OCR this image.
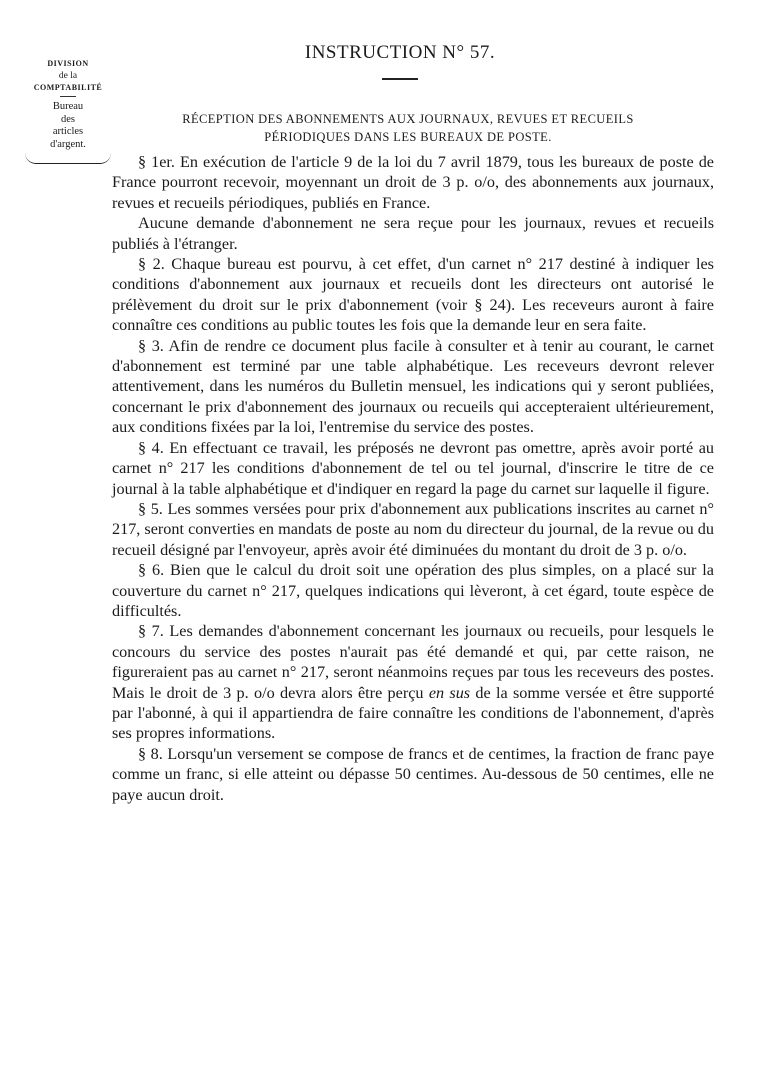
DIVISION
de la
COMPTABILITÉ
Bureau
des
articles
d'argent.
INSTRUCTION N° 57.
RÉCEPTION DES ABONNEMENTS AUX JOURNAUX, REVUES ET RECUEILS
PÉRIODIQUES DANS LES BUREAUX DE POSTE.

§ 1er. En exécution de l'article 9 de la loi du 7 avril 1879, tous les bureaux de poste de France pourront recevoir, moyennant un droit de 3 p. o/o, des abonnements aux journaux, revues et recueils périodiques, publiés en France.

Aucune demande d'abonnement ne sera reçue pour les journaux, revues et recueils publiés à l'étranger.

§ 2. Chaque bureau est pourvu, à cet effet, d'un carnet n° 217 destiné à indiquer les conditions d'abonnement aux journaux et recueils dont les directeurs ont autorisé le prélèvement du droit sur le prix d'abonnement (voir § 24). Les receveurs auront à faire connaître ces conditions au public toutes les fois que la demande leur en sera faite.

§ 3. Afin de rendre ce document plus facile à consulter et à tenir au courant, le carnet d'abonnement est terminé par une table alphabétique. Les receveurs devront relever attentivement, dans les numéros du Bulletin mensuel, les indications qui y seront publiées, concernant le prix d'abonnement des journaux ou recueils qui accepteraient ultérieurement, aux conditions fixées par la loi, l'entremise du service des postes.

§ 4. En effectuant ce travail, les préposés ne devront pas omettre, après avoir porté au carnet n° 217 les conditions d'abonnement de tel ou tel journal, d'inscrire le titre de ce journal à la table alphabétique et d'indiquer en regard la page du carnet sur laquelle il figure.

§ 5. Les sommes versées pour prix d'abonnement aux publications inscrites au carnet n° 217, seront converties en mandats de poste au nom du directeur du journal, de la revue ou du recueil désigné par l'envoyeur, après avoir été diminuées du montant du droit de 3 p. o/o.

§ 6. Bien que le calcul du droit soit une opération des plus simples, on a placé sur la couverture du carnet n° 217, quelques indications qui lèveront, à cet égard, toute espèce de difficultés.

§ 7. Les demandes d'abonnement concernant les journaux ou recueils, pour lesquels le concours du service des postes n'aurait pas été demandé et qui, par cette raison, ne figureraient pas au carnet n° 217, seront néanmoins reçues par tous les receveurs des postes. Mais le droit de 3 p. o/o devra alors être perçu en sus de la somme versée et être supporté par l'abonné, à qui il appartiendra de faire connaître les conditions de l'abonnement, d'après ses propres informations.

§ 8. Lorsqu'un versement se compose de francs et de centimes, la fraction de franc paye comme un franc, si elle atteint ou dépasse 50 centimes. Au-dessous de 50 centimes, elle ne paye aucun droit.
